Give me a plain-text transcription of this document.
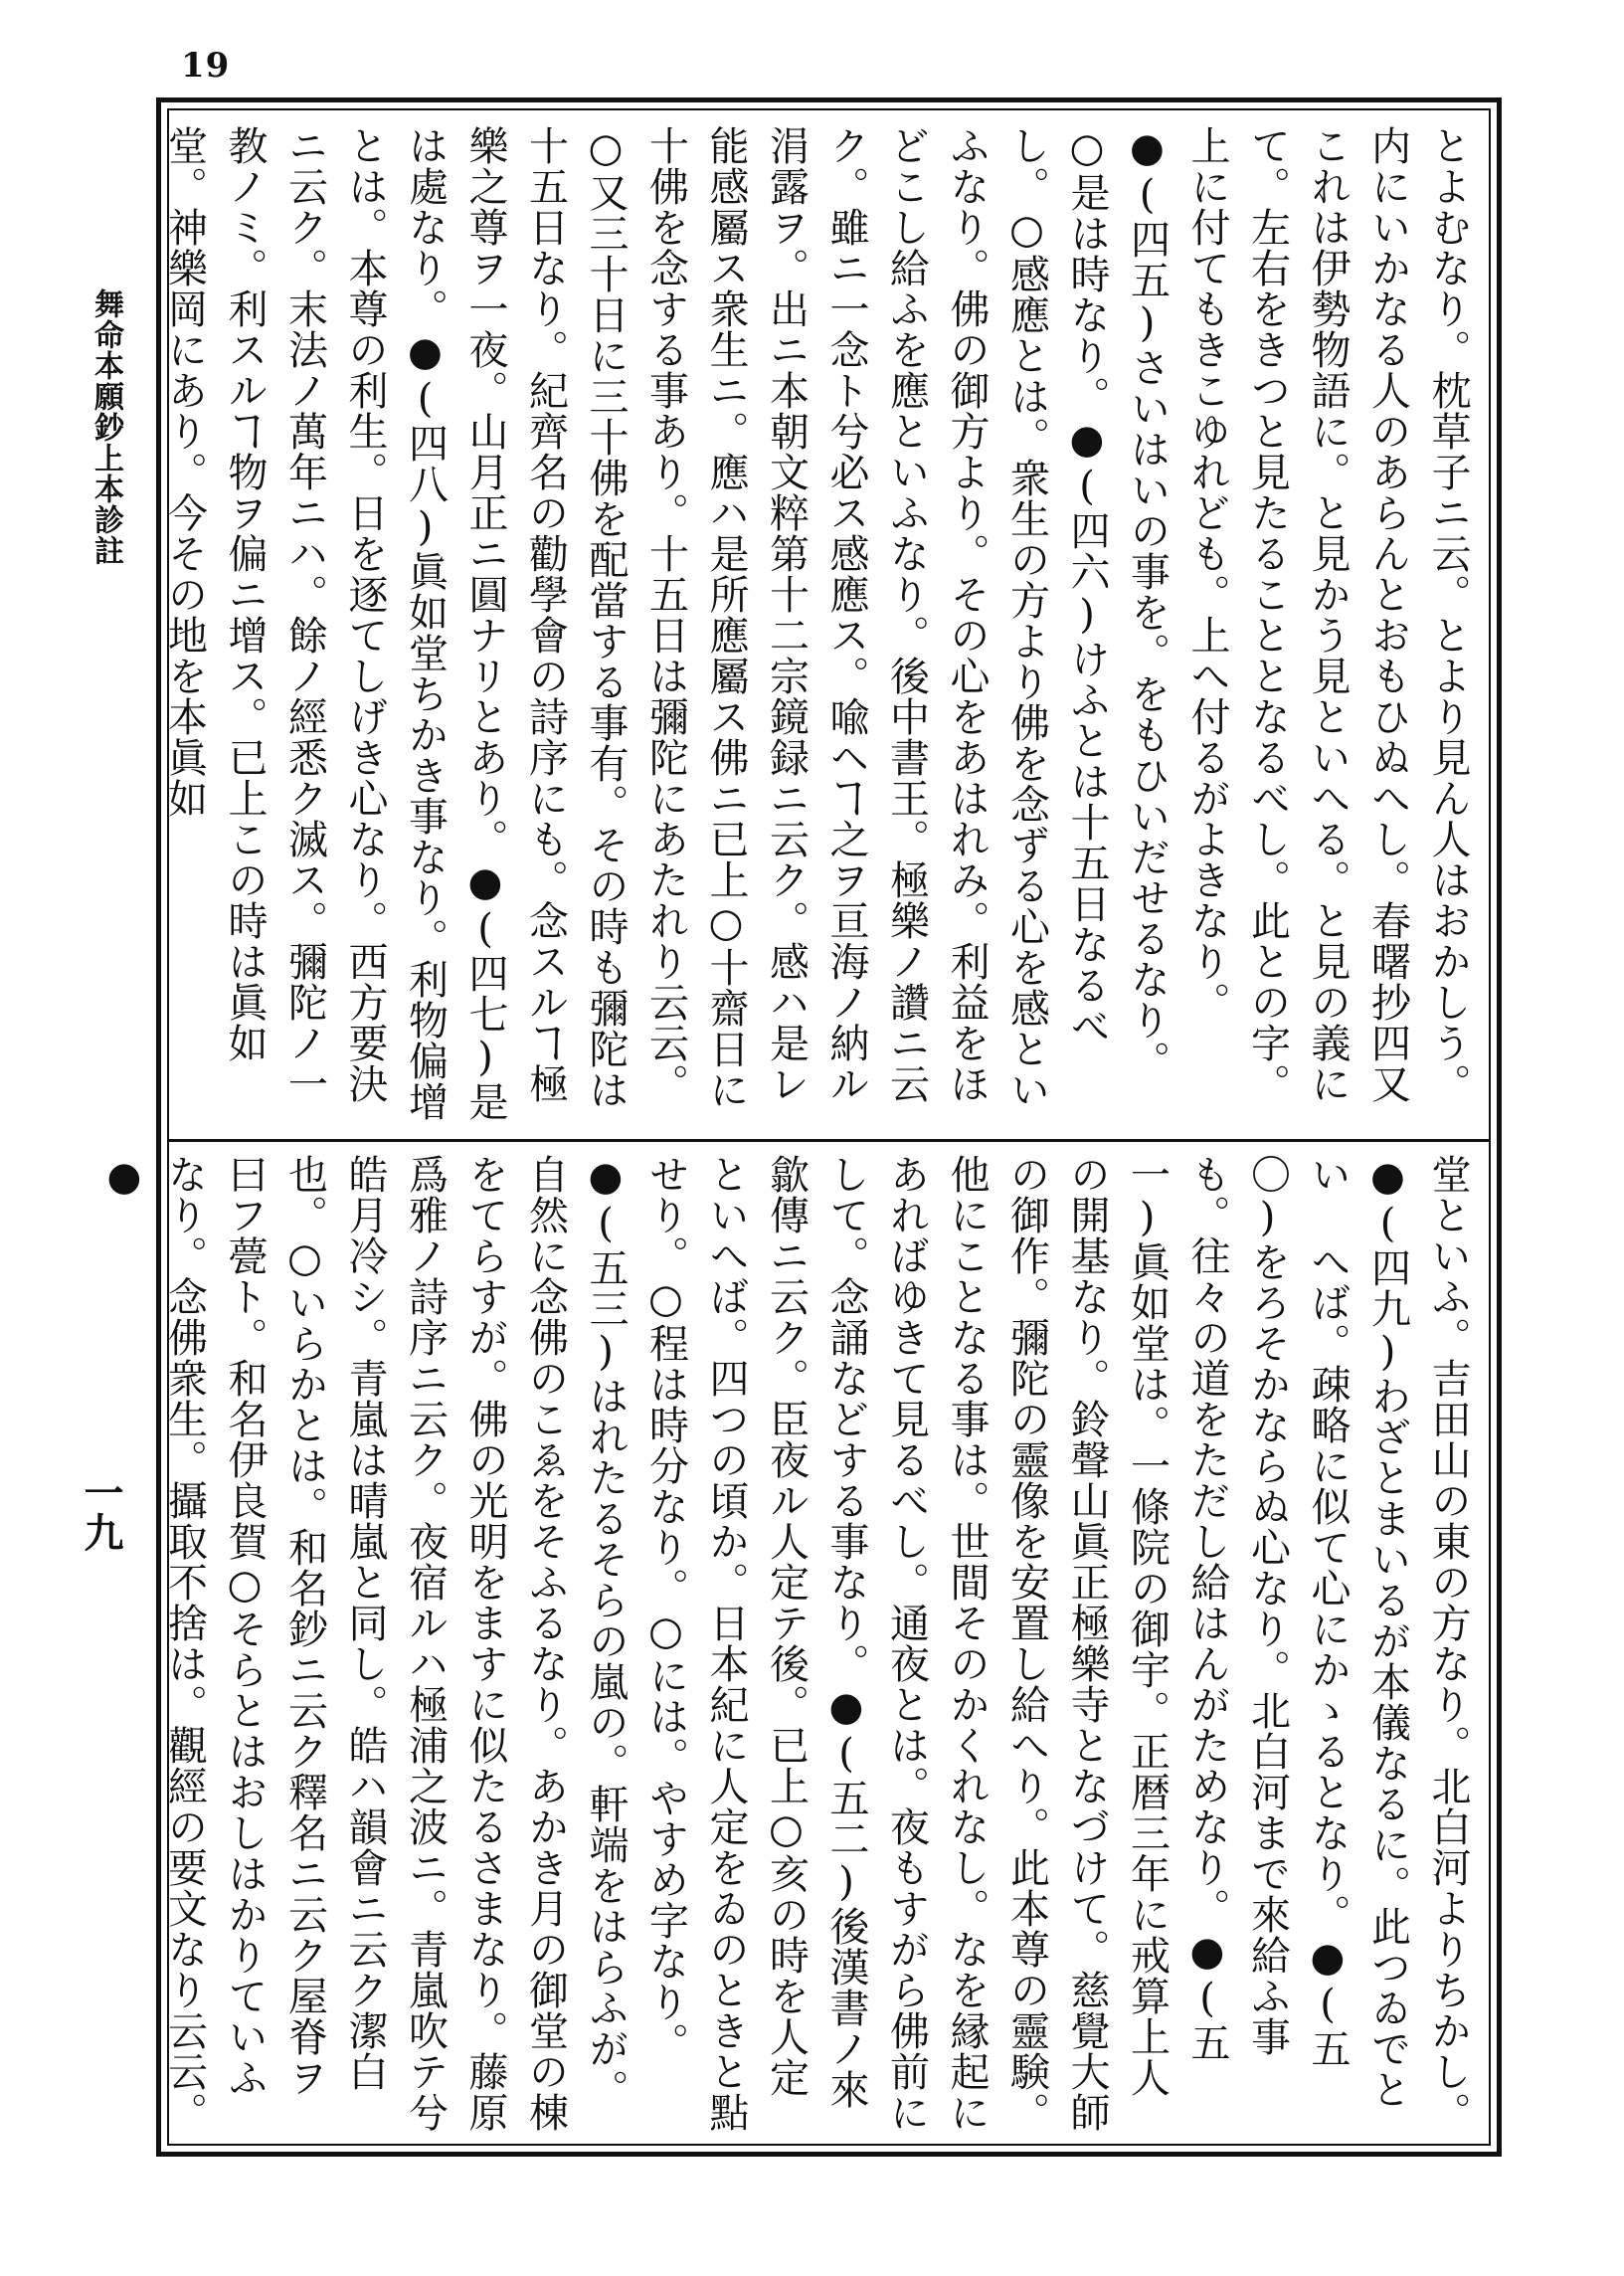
19
舞命本願鈔上本診註
一九
とよむなり。枕草子ニ云。とより見ん人はおかしう。内にいかなる人のあらんとおもひぬへし。春曙抄四又これは伊勢物語に。と見かう見といへる。と見の義にて。左右をきつと見たることとなるべし。此との字。上に付てもきこゆれども。上へ付るがよきなり。●(四五)さいはいの事を。をもひいだせるなり。○是は時なり。●(四六)けふとは十五日なるべし。○感應とは。衆生の方より佛を念ずる心を感といふなり。佛の御方より。その心をあはれみ。利益をほどこし給ふを應といふなり。後中書王。極樂ノ讚ニ云ク。雖ニ一念ト兮必ス感應ス。喩ヘヿ之ヲ亘海ノ納ル涓露ヲ。出ニ本朝文粹第十二宗鏡録ニ云ク。感ハ是レ能感屬ス衆生ニ。應ハ是所應屬ス佛ニ已上○十齋日に十佛を念する事あり。十五日は彌陀にあたれり云云。○又三十日に三十佛を配當する事有。その時も彌陀は十五日なり。紀齊名の勸學會の詩序にも。念スルヿ極樂之尊ヲ一夜。山月正ニ圓ナリとあり。●(四七)是は處なり。●(四八)眞如堂ちかき事なり。利物偏增とは。本尊の利生。日を逐てしげき心なり。西方要決ニ云ク。末法ノ萬年ニハ。餘ノ經悉ク滅ス。彌陀ノ一教ノミ。利スルヿ物ヲ偏ニ增ス。已上この時は眞如堂。神樂岡にあり。今その地を本眞如
堂といふ。吉田山の東の方なり。北白河よりちかし。●(四九)わざとまいるが本儀なるに。此つゐでとい へば。疎略に似て心にかゝるとなり。●(五〇)をろそかならぬ心なり。北白河まで來給ふ事も。往々の道をただし給はんがためなり。●(五一)眞如堂は。一條院の御宇。正暦三年に戒算上人の開基なり。鈴聲山眞正極樂寺となづけて。慈覺大師の御作。彌陀の靈像を安置し給へり。此本尊の靈験。他にことなる事は。世間そのかくれなし。なを縁起にあればゆきて見るべし。通夜とは。夜もすがら佛前にして。念誦などする事なり。●(五二)後漢書ノ來歙傳ニ云ク。臣夜ル人定テ後。已上○亥の時を人定といへば。四つの頃か。日本紀に人定をゐのときと點せり。○程は時分なり。○には。やすめ字なり。●(五三)はれたるそらの嵐の。軒端をはらふが。自然に念佛のこゑをそふるなり。あかき月の御堂の棟をてらすが。佛の光明をますに似たるさまなり。藤原爲雅ノ詩序ニ云ク。夜宿ルハ極浦之波ニ。青嵐吹テ兮皓月冷シ。青嵐は晴嵐と同し。皓ハ韻會ニ云ク潔白也。○いらかとは。和名鈔ニ云ク釋名ニ云ク屋脊ヲ曰フ甍ト。和名伊良賀○そらとはおしはかりていふなり。念佛衆生。攝取不捨は。觀經の要文なり云云。●
